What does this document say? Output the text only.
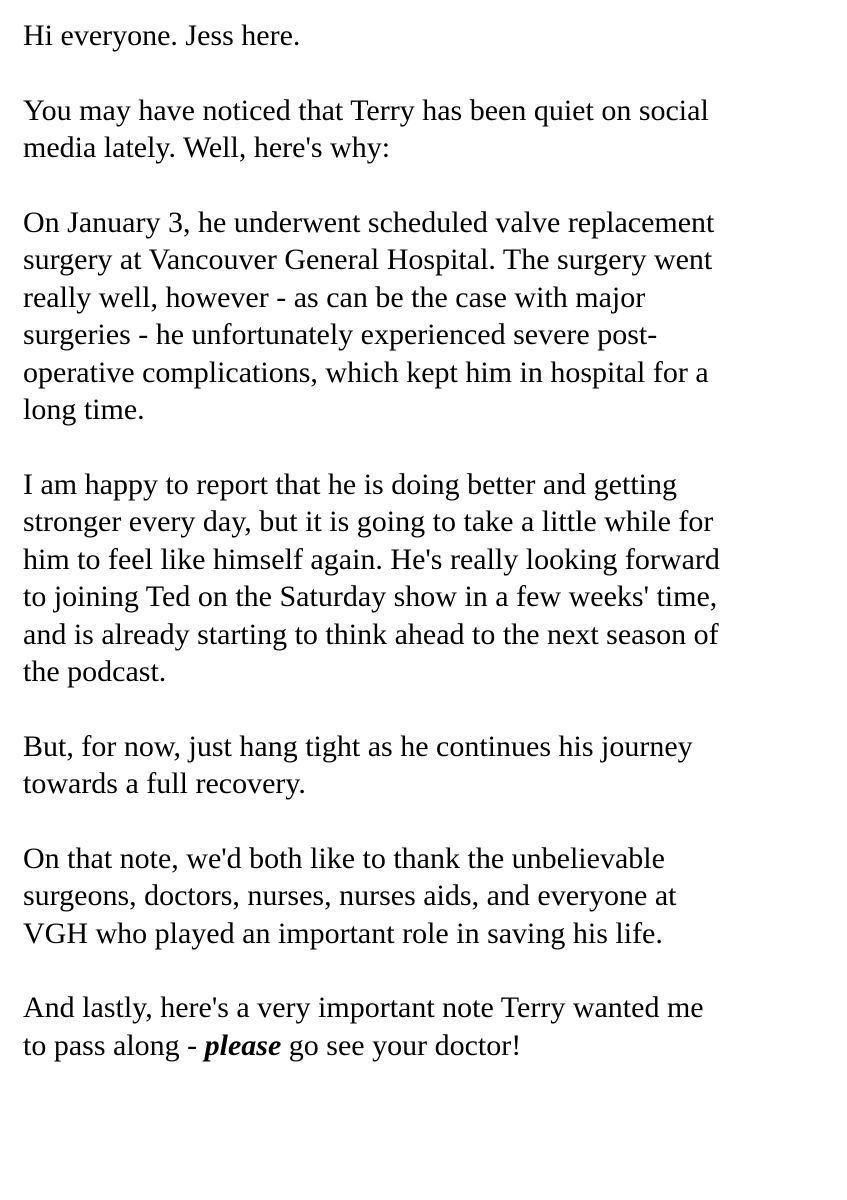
Hi everyone. Jess here.

You may have noticed that Terry has been quiet on social
media lately. Well, here's why:

On January 3, he underwent scheduled valve replacement
surgery at Vancouver General Hospital. The surgery went
really well, however - as can be the case with major
surgeries - he unfortunately experienced severe post-
operative complications, which kept him in hospital for a
long time.

I am happy to report that he is doing better and getting
stronger every day, but it is going to take a little while for
him to feel like himself again. He's really looking forward
to joining Ted on the Saturday show in a few weeks' time,
and is already starting to think ahead to the next season of
the podcast.

But, for now, just hang tight as he continues his journey
towards a full recovery.

On that note, we'd both like to thank the unbelievable
surgeons, doctors, nurses, nurses aids, and everyone at
VGH who played an important role in saving his life.

And lastly, here's a very important note Terry wanted me
to pass along - please go see your doctor!
